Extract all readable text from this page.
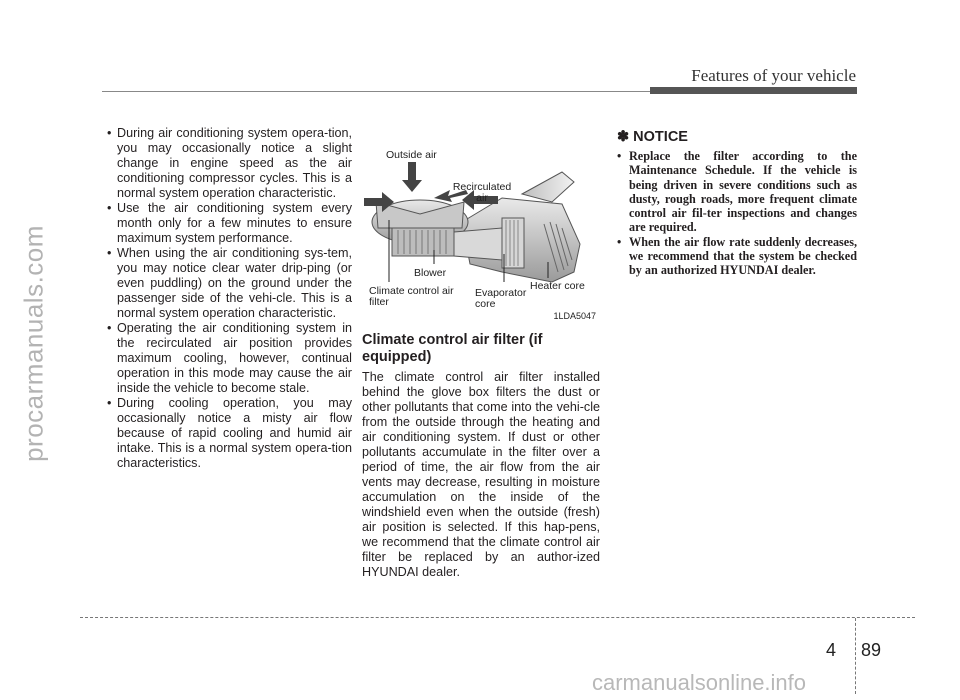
Features of your vehicle
procarmanuals.com
• During air conditioning system opera-tion, you may occasionally notice a slight change in engine speed as the air conditioning compressor cycles. This is a normal system operation characteristic.
• Use the air conditioning system every month only for a few minutes to ensure maximum system performance.
• When using the air conditioning sys-tem, you may notice clear water drip-ping (or even puddling) on the ground under the passenger side of the vehi-cle. This is a normal system operation characteristic.
• Operating the air conditioning system in the recirculated air position provides maximum cooling, however, continual operation in this mode may cause the air inside the vehicle to become stale.
• During cooling operation, you may occasionally notice a misty air flow because of rapid cooling and humid air intake. This is a normal system opera-tion characteristics.
Outside air
Recirculated air
Blower
Climate control air filter
Evaporator core
Heater core
1LDA5047
Climate control air filter (if equipped)
The climate control air filter installed behind the glove box filters the dust or other pollutants that come into the vehi-cle from the outside through the heating and air conditioning system. If dust or other pollutants accumulate in the filter over a period of time, the air flow from the air vents may decrease, resulting in moisture accumulation on the inside of the windshield even when the outside (fresh) air position is selected. If this hap-pens, we recommend that the climate control air filter be replaced by an author-ized HYUNDAI dealer.
✽ NOTICE
• Replace the filter according to the Maintenance Schedule. If the vehicle is being driven in severe conditions such as dusty, rough roads, more frequent climate control air fil-ter inspections and changes are required.
• When the air flow rate suddenly decreases, we recommend that the system be checked by an authorized HYUNDAI dealer.
4 89
carmanualsonline.info
